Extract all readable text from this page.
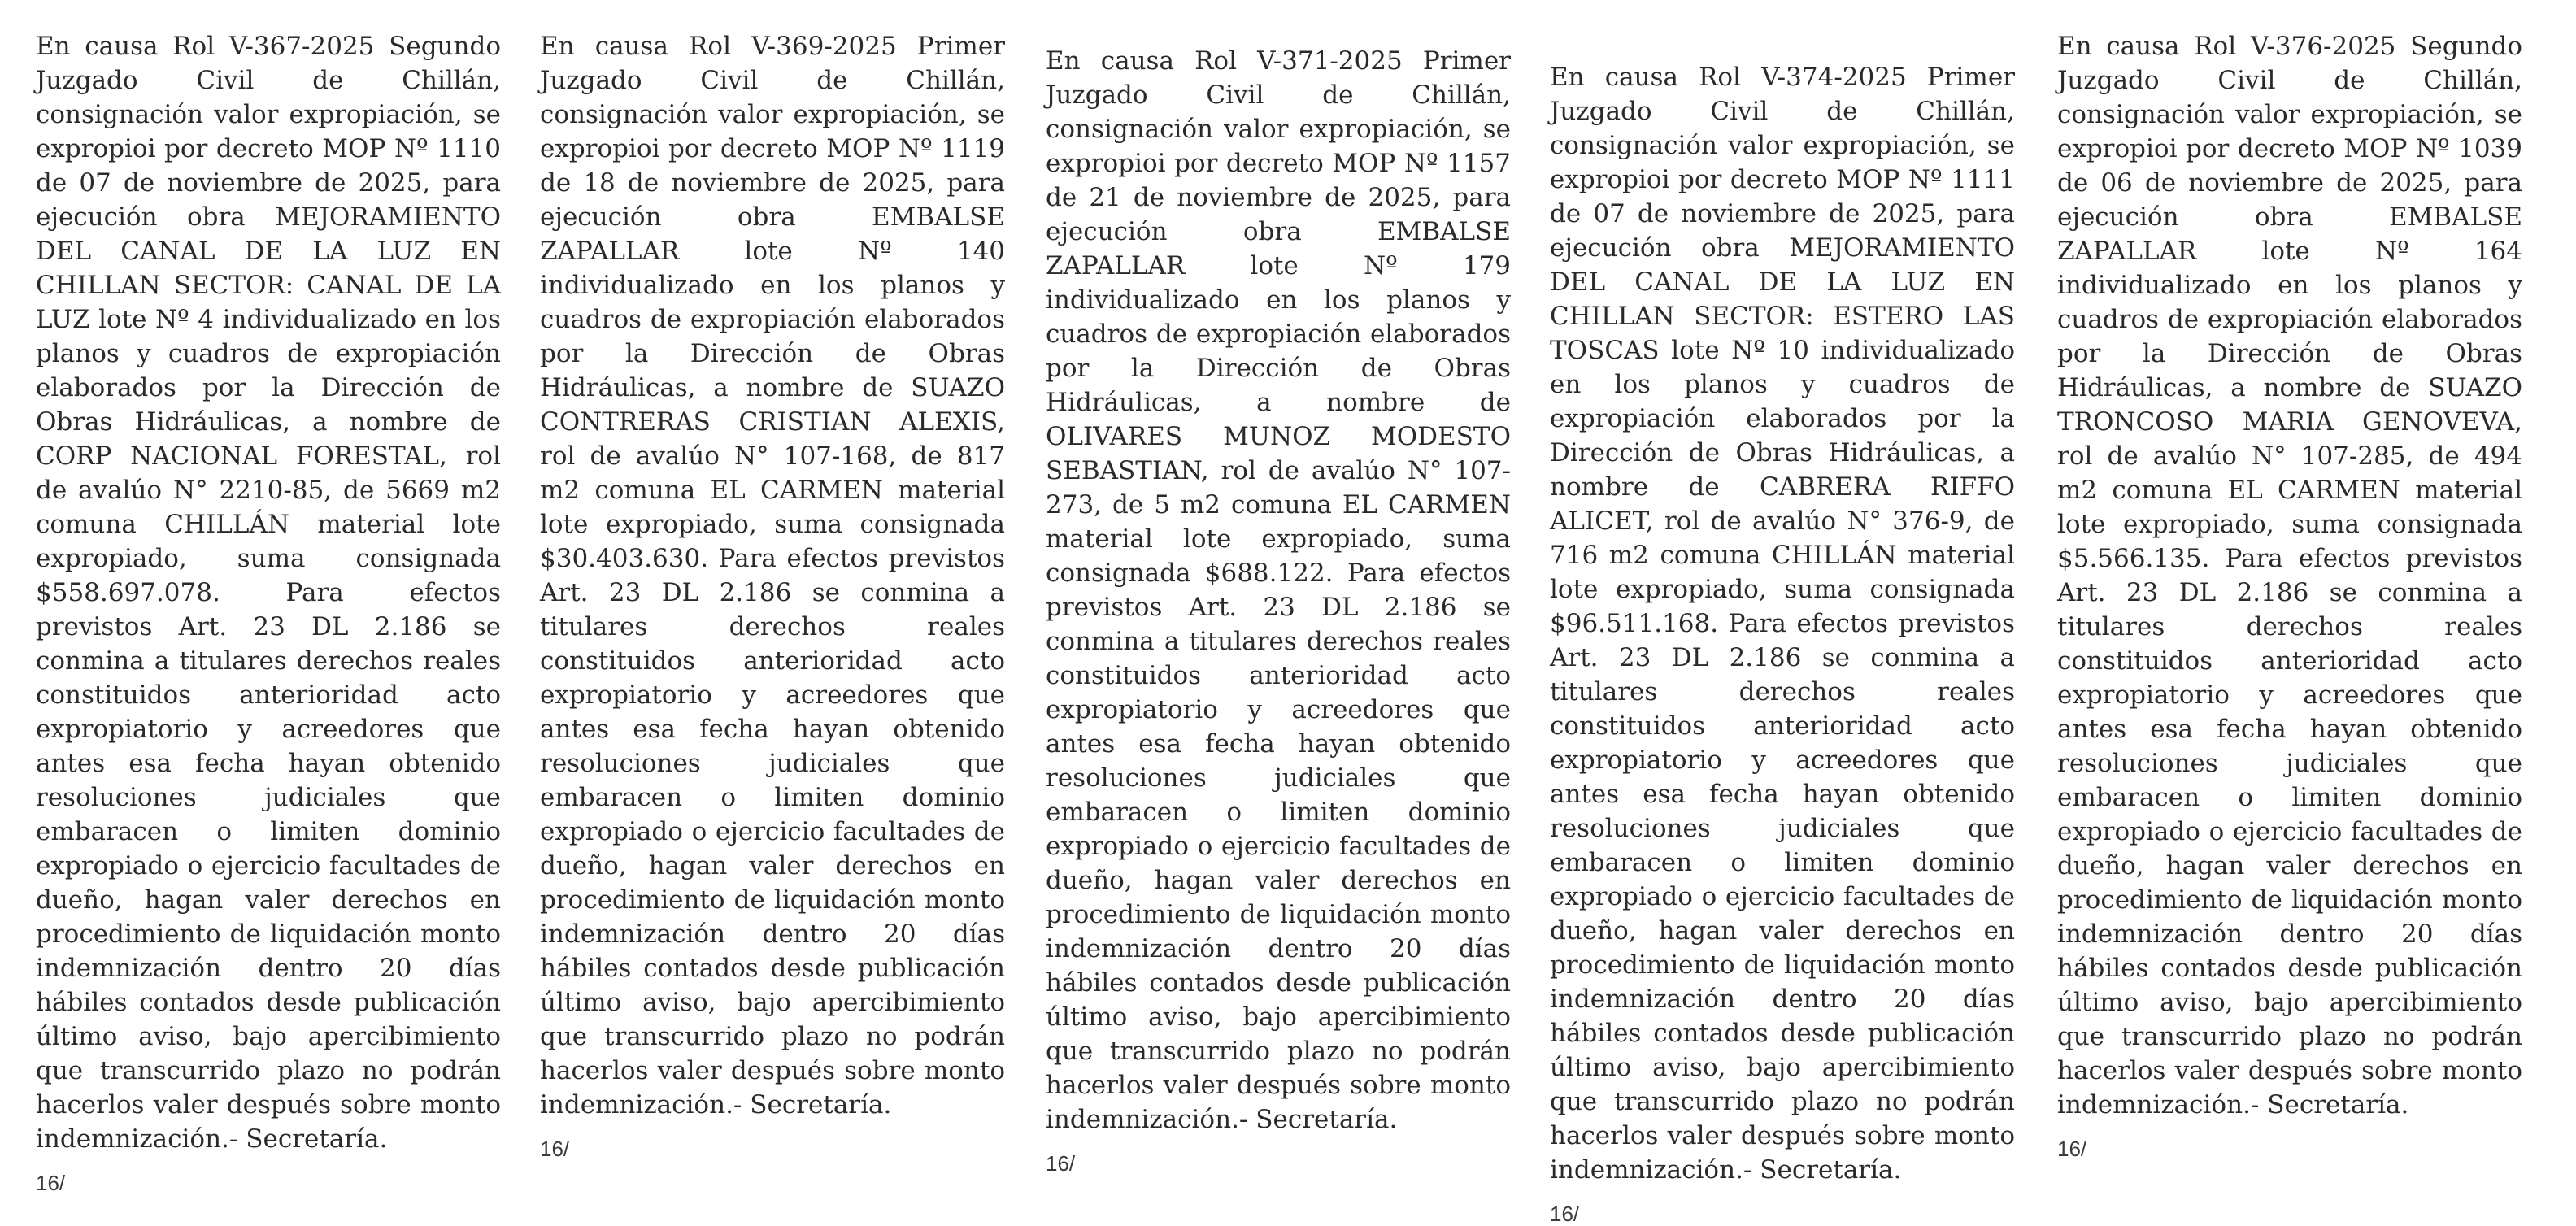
En causa Rol V-367-2025 Segundo Juzgado Civil de Chillán, consignación valor expropiación, se expropioi por decreto MOP Nº 1110 de 07 de noviembre de 2025, para ejecución obra MEJORAMIENTO DEL CANAL DE LA LUZ EN CHILLAN SECTOR: CANAL DE LA LUZ lote Nº 4 individualizado en los planos y cuadros de expropiación elaborados por la Dirección de Obras Hidráulicas, a nombre de CORP NACIONAL FORESTAL, rol de avalúo N° 2210-85, de 5669 m2 comuna CHILLÁN material lote expropiado, suma consignada $558.697.078. Para efectos previstos Art. 23 DL 2.186 se conmina a titulares derechos reales constituidos anterioridad acto expropiatorio y acreedores que antes esa fecha hayan obtenido resoluciones judiciales que embaracen o limiten dominio expropiado o ejercicio facultades de dueño, hagan valer derechos en procedimiento de liquidación monto indemnización dentro 20 días hábiles contados desde publicación último aviso, bajo apercibimiento que transcurrido plazo no podrán hacerlos valer después sobre monto indemnización.- Secretaría.

16/

En causa Rol V-369-2025 Primer Juzgado Civil de Chillán, consignación valor expropiación, se expropioi por decreto MOP Nº 1119 de 18 de noviembre de 2025, para ejecución obra EMBALSE ZAPALLAR lote Nº 140 individualizado en los planos y cuadros de expropiación elaborados por la Dirección de Obras Hidráulicas, a nombre de SUAZO CONTRERAS CRISTIAN ALEXIS, rol de avalúo N° 107-168, de 817 m2 comuna EL CARMEN material lote expropiado, suma consignada $30.403.630. Para efectos previstos Art. 23 DL 2.186 se conmina a titulares derechos reales constituidos anterioridad acto expropiatorio y acreedores que antes esa fecha hayan obtenido resoluciones judiciales que embaracen o limiten dominio expropiado o ejercicio facultades de dueño, hagan valer derechos en procedimiento de liquidación monto indemnización dentro 20 días hábiles contados desde publicación último aviso, bajo apercibimiento que transcurrido plazo no podrán hacerlos valer después sobre monto indemnización.- Secretaría.

16/

En causa Rol V-371-2025 Primer Juzgado Civil de Chillán, consignación valor expropiación, se expropioi por decreto MOP Nº 1157 de 21 de noviembre de 2025, para ejecución obra EMBALSE ZAPALLAR lote Nº 179 individualizado en los planos y cuadros de expropiación elaborados por la Dirección de Obras Hidráulicas, a nombre de OLIVARES MUNOZ MODESTO SEBASTIAN, rol de avalúo N° 107-273, de 5 m2 comuna EL CARMEN material lote expropiado, suma consignada $688.122. Para efectos previstos Art. 23 DL 2.186 se conmina a titulares derechos reales constituidos anterioridad acto expropiatorio y acreedores que antes esa fecha hayan obtenido resoluciones judiciales que embaracen o limiten dominio expropiado o ejercicio facultades de dueño, hagan valer derechos en procedimiento de liquidación monto indemnización dentro 20 días hábiles contados desde publicación último aviso, bajo apercibimiento que transcurrido plazo no podrán hacerlos valer después sobre monto indemnización.- Secretaría.

16/

En causa Rol V-374-2025 Primer Juzgado Civil de Chillán, consignación valor expropiación, se expropioi por decreto MOP Nº 1111 de 07 de noviembre de 2025, para ejecución obra MEJORAMIENTO DEL CANAL DE LA LUZ EN CHILLAN SECTOR: ESTERO LAS TOSCAS lote Nº 10 individualizado en los planos y cuadros de expropiación elaborados por la Dirección de Obras Hidráulicas, a nombre de CABRERA RIFFO ALICET, rol de avalúo N° 376-9, de 716 m2 comuna CHILLÁN material lote expropiado, suma consignada $96.511.168. Para efectos previstos Art. 23 DL 2.186 se conmina a titulares derechos reales constituidos anterioridad acto expropiatorio y acreedores que antes esa fecha hayan obtenido resoluciones judiciales que embaracen o limiten dominio expropiado o ejercicio facultades de dueño, hagan valer derechos en procedimiento de liquidación monto indemnización dentro 20 días hábiles contados desde publicación último aviso, bajo apercibimiento que transcurrido plazo no podrán hacerlos valer después sobre monto indemnización.- Secretaría.

16/

En causa Rol V-376-2025 Segundo Juzgado Civil de Chillán, consignación valor expropiación, se expropioi por decreto MOP Nº 1039 de 06 de noviembre de 2025, para ejecución obra EMBALSE ZAPALLAR lote Nº 164 individualizado en los planos y cuadros de expropiación elaborados por la Dirección de Obras Hidráulicas, a nombre de SUAZO TRONCOSO MARIA GENOVEVA, rol de avalúo N° 107-285, de 494 m2 comuna EL CARMEN material lote expropiado, suma consignada $5.566.135. Para efectos previstos Art. 23 DL 2.186 se conmina a titulares derechos reales constituidos anterioridad acto expropiatorio y acreedores que antes esa fecha hayan obtenido resoluciones judiciales que embaracen o limiten dominio expropiado o ejercicio facultades de dueño, hagan valer derechos en procedimiento de liquidación monto indemnización dentro 20 días hábiles contados desde publicación último aviso, bajo apercibimiento que transcurrido plazo no podrán hacerlos valer después sobre monto indemnización.- Secretaría.

16/
